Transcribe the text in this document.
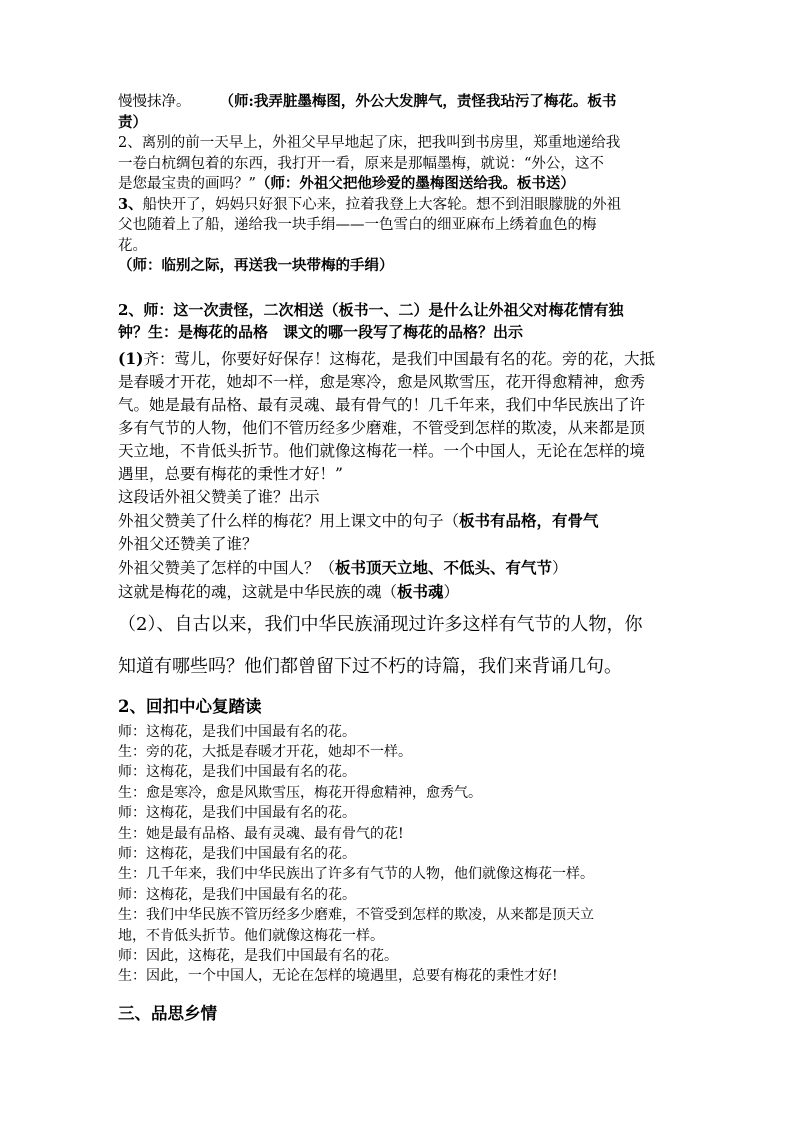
慢慢抹净。　　　（师:我弄脏墨梅图，外公大发脾气，责怪我玷污了梅花。板书
责）
2、离别的前一天早上，外祖父早早地起了床，把我叫到书房里，郑重地递给我
一卷白杭绸包着的东西，我打开一看，原来是那幅墨梅，就说：“外公，这不
是您最宝贵的画吗？”（师：外祖父把他珍爱的墨梅图送给我。板书送）
3、船快开了，妈妈只好狠下心来，拉着我登上大客轮。想不到泪眼朦胧的外祖
父也随着上了船，递给我一块手绢——一色雪白的细亚麻布上绣着血色的梅
花。
（师：临别之际，再送我一块带梅的手绢）
2、师：这一次责怪，二次相送（板书一、二）是什么让外祖父对梅花情有独
钟？生：是梅花的品格　课文的哪一段写了梅花的品格？出示
(1)齐：莺儿，你要好好保存！这梅花，是我们中国最有名的花。旁的花，大抵
是春暖才开花，她却不一样，愈是寒冷，愈是风欺雪压，花开得愈精神，愈秀
气。她是最有品格、最有灵魂、最有骨气的！几千年来，我们中华民族出了许
多有气节的人物，他们不管历经多少磨难，不管受到怎样的欺凌，从来都是顶
天立地，不肯低头折节。他们就像这梅花一样。一个中国人，无论在怎样的境
遇里，总要有梅花的秉性才好！”
这段话外祖父赞美了谁？出示
外祖父赞美了什么样的梅花？用上课文中的句子（板书有品格，有骨气
外祖父还赞美了谁？
外祖父赞美了怎样的中国人？（板书顶天立地、不低头、有气节）
这就是梅花的魂，这就是中华民族的魂（板书魂）
（2）、自古以来，我们中华民族涌现过许多这样有气节的人物，你
知道有哪些吗？他们都曾留下过不朽的诗篇，我们来背诵几句。
2、回扣中心复踏读
师：这梅花，是我们中国最有名的花。
生：旁的花，大抵是春暖才开花，她却不一样。
师：这梅花，是我们中国最有名的花。
生：愈是寒冷，愈是风欺雪压，梅花开得愈精神，愈秀气。
师：这梅花，是我们中国最有名的花。
生：她是最有品格、最有灵魂、最有骨气的花!
师：这梅花，是我们中国最有名的花。
生：几千年来，我们中华民族出了许多有气节的人物，他们就像这梅花一样。
师：这梅花，是我们中国最有名的花。
生：我们中华民族不管历经多少磨难，不管受到怎样的欺凌，从来都是顶天立
地，不肯低头折节。他们就像这梅花一样。
师：因此，这梅花，是我们中国最有名的花。
生：因此，一个中国人，无论在怎样的境遇里，总要有梅花的秉性才好!
三、品思乡情
